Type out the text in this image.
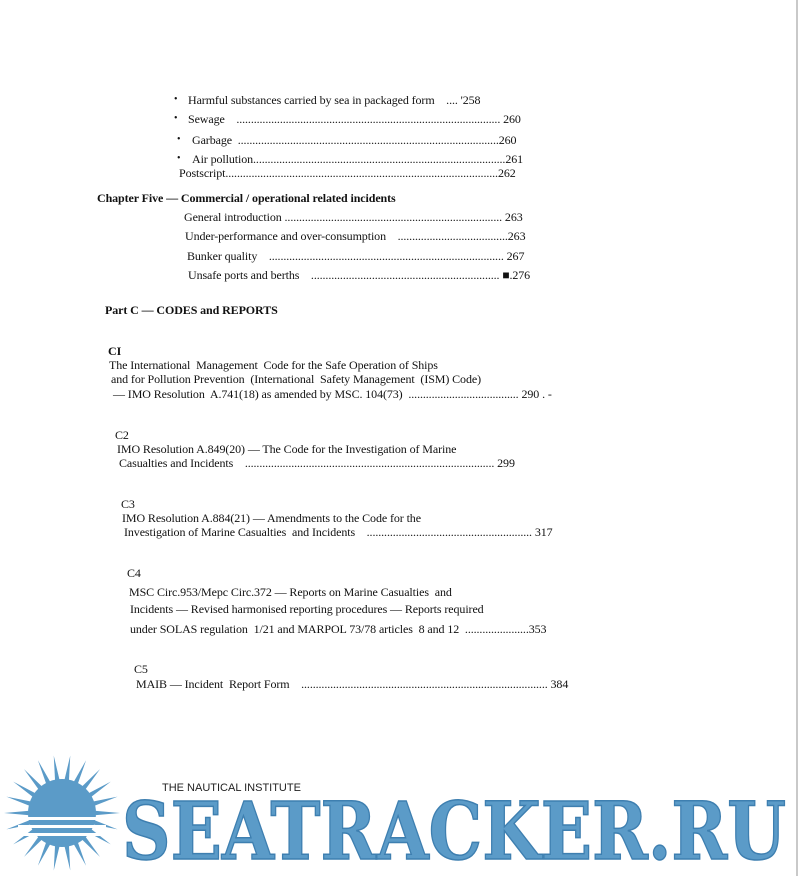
• Harmful substances carried by sea in packaged form    .... '258
• Sewage    ........................................................................................... 260
• Garbage  ..........................................................................................260
• Air pollution.......................................................................................261
Postscript..............................................................................................262
Chapter Five — Commercial / operational related incidents
General introduction ........................................................................... 263
Under-performance and over-consumption    ......................................263
Bunker quality    ................................................................................. 267
Unsafe ports and berths    ................................................................. ■.276
Part C — CODES and REPORTS
CI
The International  Management  Code for the Safe Operation of Ships
and for Pollution Prevention  (International  Safety Management  (ISM) Code)
— IMO Resolution  A.741(18) as amended by MSC. 104(73)  ...................................... 290 . -
C2
IMO Resolution A.849(20) — The Code for the Investigation of Marine
Casualties and Incidents    ...................................................................................... 299
C3
IMO Resolution A.884(21) — Amendments to the Code for the
Investigation of Marine Casualties  and Incidents    ......................................................... 317
C4
MSC Circ.953/Mepc Circ.372 — Reports on Marine Casualties  and
Incidents — Revised harmonised reporting procedures — Reports required
under SOLAS regulation  1/21 and MARPOL 73/78 articles  8 and 12  ......................353
C5
MAIB — Incident  Report Form    ..................................................................................... 384
SEATRACKER.RU
THE NAUTICAL INSTITUTE
